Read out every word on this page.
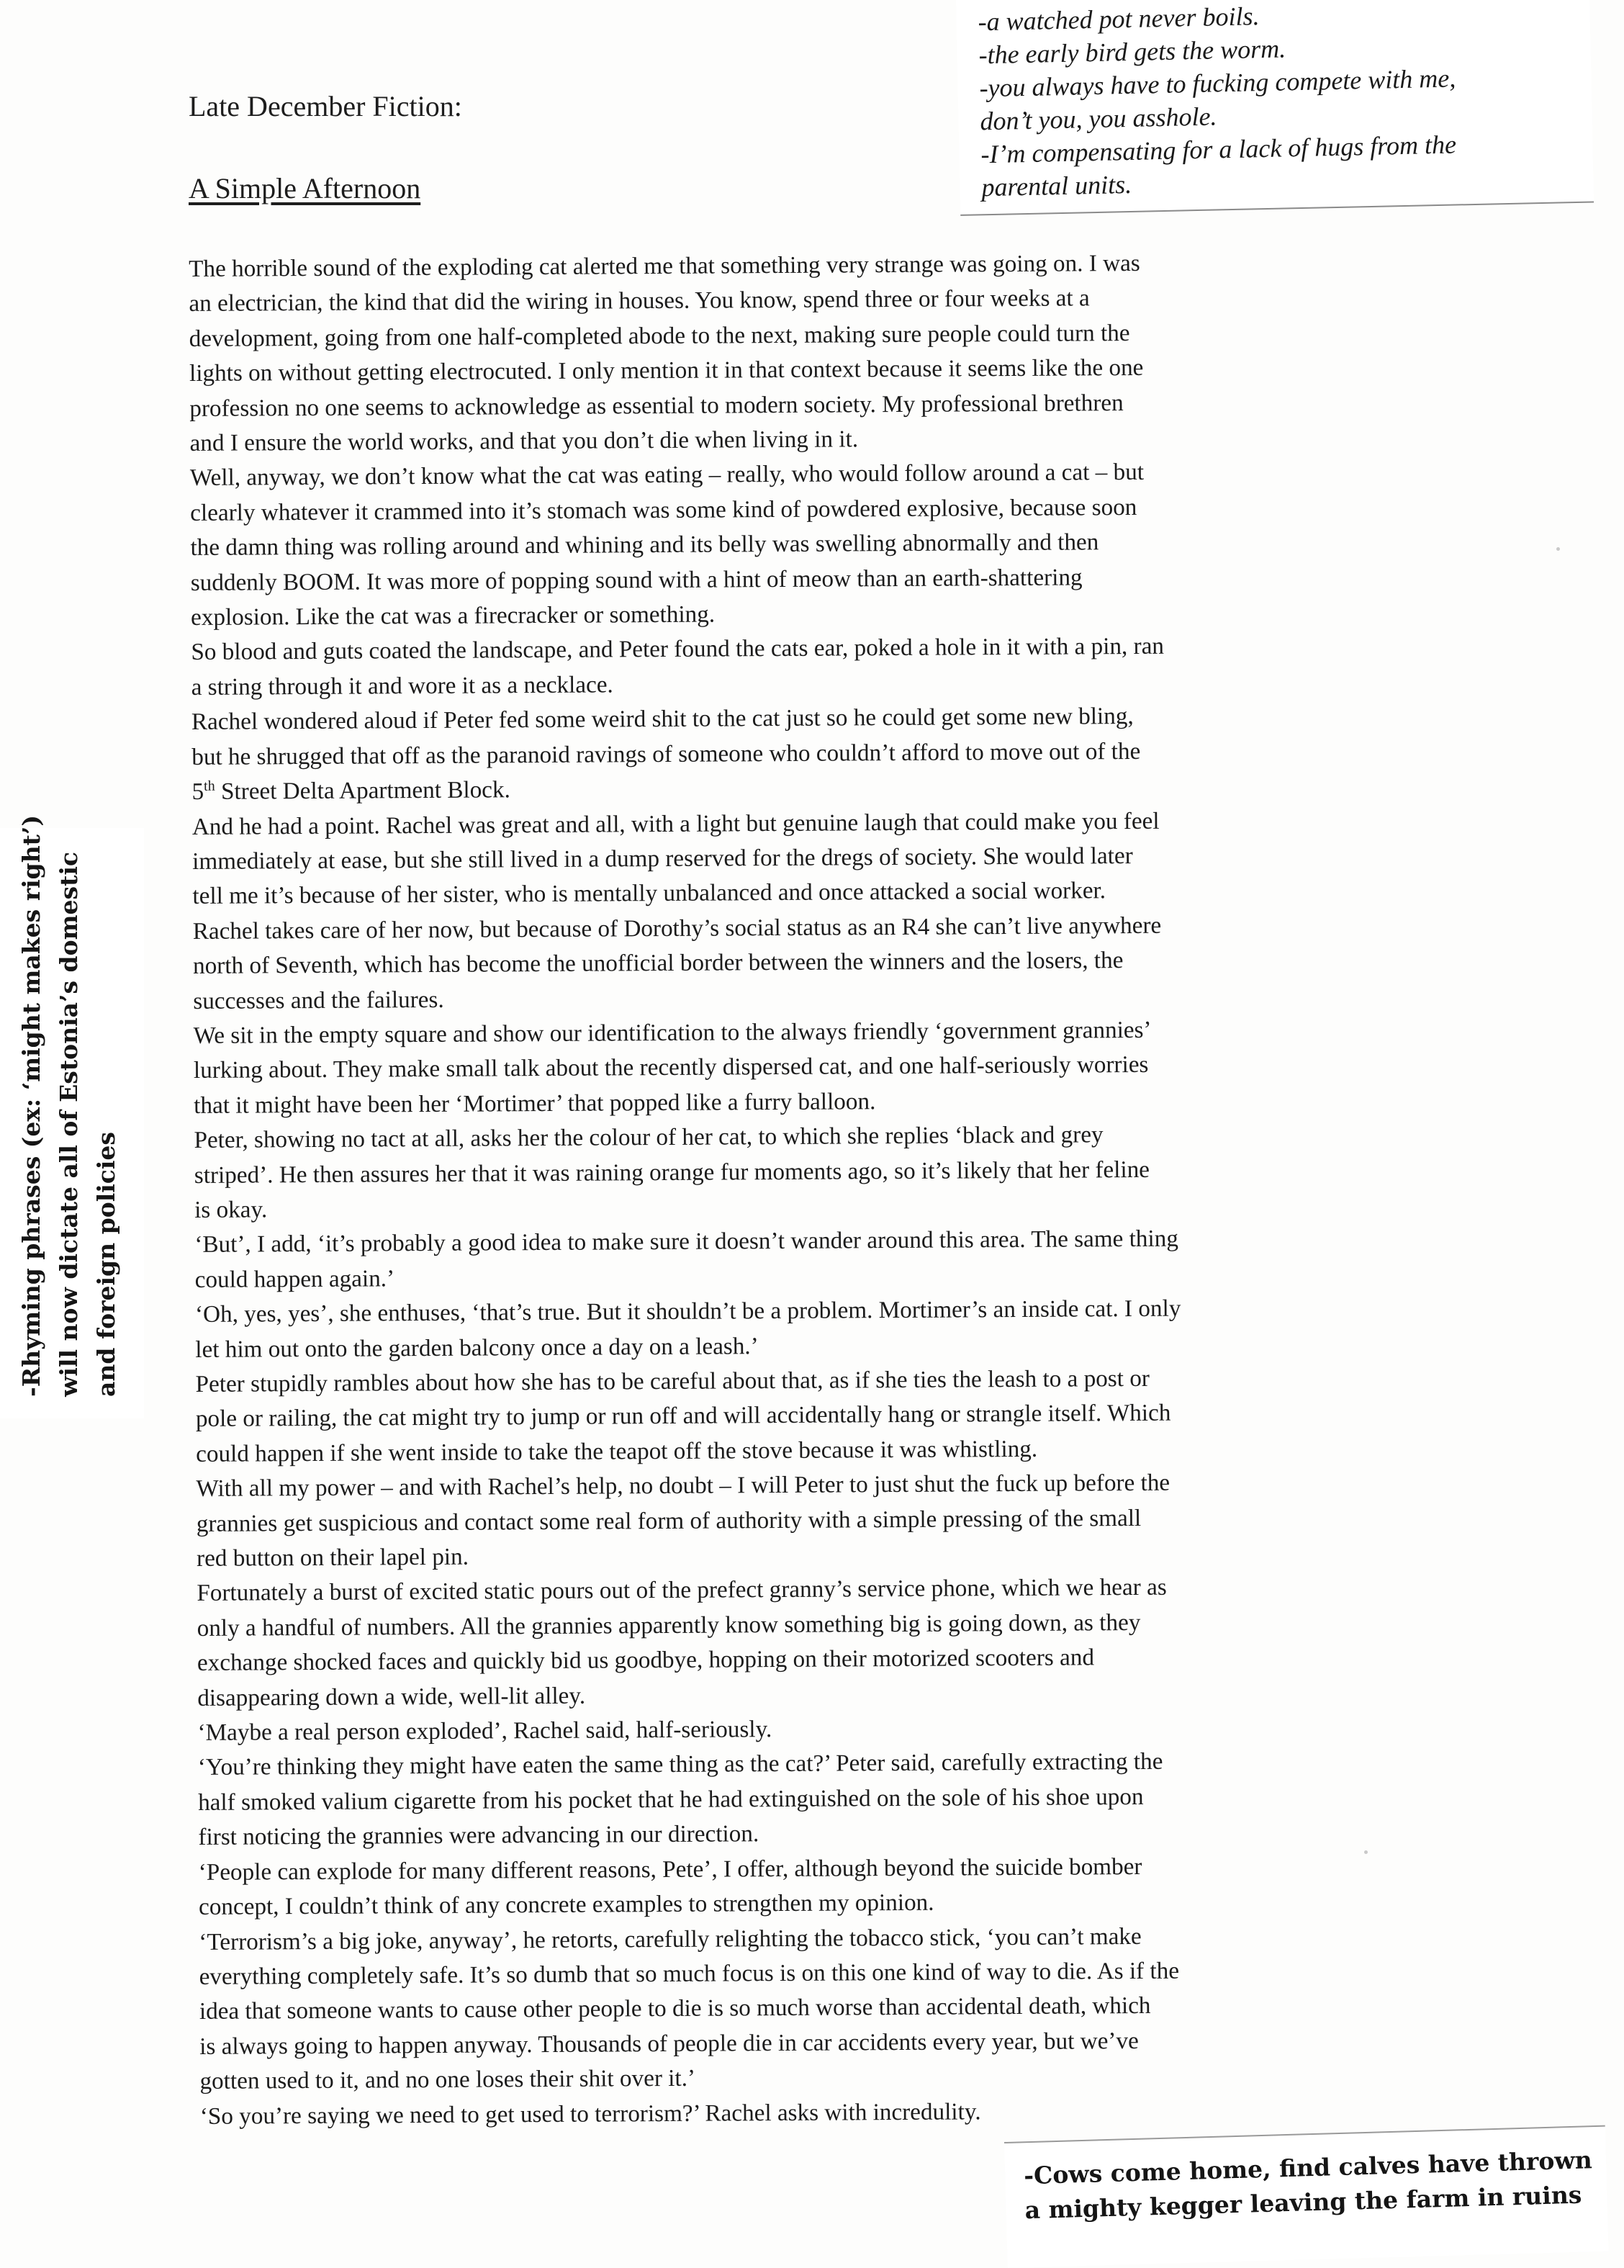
-a watched pot never boils.
-the early bird gets the worm.
-you always have to fucking compete with me,
don’t you, you asshole.
-I’m compensating for a lack of hugs from the
parental units.
Late December Fiction:
A Simple Afternoon
-Rhyming phrases (ex: ‘might makes right’) will now dictate all of Estonia’s domestic and foreign policies

The horrible sound of the exploding cat alerted me that something very strange was going on. I was

an electrician, the kind that did the wiring in houses. You know, spend three or four weeks at a

development, going from one half-completed abode to the next, making sure people could turn the

lights on without getting electrocuted. I only mention it in that context because it seems like the one

profession no one seems to acknowledge as essential to modern society. My professional brethren

and I ensure the world works, and that you don’t die when living in it.

Well, anyway, we don’t know what the cat was eating – really, who would follow around a cat – but

clearly whatever it crammed into it’s stomach was some kind of powdered explosive, because soon

the damn thing was rolling around and whining and its belly was swelling abnormally and then

suddenly BOOM. It was more of popping sound with a hint of meow than an earth-shattering

explosion. Like the cat was a firecracker or something.

So blood and guts coated the landscape, and Peter found the cats ear, poked a hole in it with a pin, ran

a string through it and wore it as a necklace.

Rachel wondered aloud if Peter fed some weird shit to the cat just so he could get some new bling,

but he shrugged that off as the paranoid ravings of someone who couldn’t afford to move out of the

5th Street Delta Apartment Block.

And he had a point. Rachel was great and all, with a light but genuine laugh that could make you feel

immediately at ease, but she still lived in a dump reserved for the dregs of society. She would later

tell me it’s because of her sister, who is mentally unbalanced and once attacked a social worker.

Rachel takes care of her now, but because of Dorothy’s social status as an R4 she can’t live anywhere

north of Seventh, which has become the unofficial border between the winners and the losers, the

successes and the failures.

We sit in the empty square and show our identification to the always friendly ‘government grannies’

lurking about. They make small talk about the recently dispersed cat, and one half-seriously worries

that it might have been her ‘Mortimer’ that popped like a furry balloon.

Peter, showing no tact at all, asks her the colour of her cat, to which she replies ‘black and grey

striped’. He then assures her that it was raining orange fur moments ago, so it’s likely that her feline

is okay.

‘But’, I add, ‘it’s probably a good idea to make sure it doesn’t wander around this area. The same thing

could happen again.’

‘Oh, yes, yes’, she enthuses, ‘that’s true. But it shouldn’t be a problem. Mortimer’s an inside cat. I only

let him out onto the garden balcony once a day on a leash.’

Peter stupidly rambles about how she has to be careful about that, as if she ties the leash to a post or

pole or railing, the cat might try to jump or run off and will accidentally hang or strangle itself. Which

could happen if she went inside to take the teapot off the stove because it was whistling.

With all my power – and with Rachel’s help, no doubt – I will Peter to just shut the fuck up before the

grannies get suspicious and contact some real form of authority with a simple pressing of the small

red button on their lapel pin.

Fortunately a burst of excited static pours out of the prefect granny’s service phone, which we hear as

only a handful of numbers. All the grannies apparently know something big is going down, as they

exchange shocked faces and quickly bid us goodbye, hopping on their motorized scooters and

disappearing down a wide, well-lit alley.

‘Maybe a real person exploded’, Rachel said, half-seriously.

‘You’re thinking they might have eaten the same thing as the cat?’ Peter said, carefully extracting the

half smoked valium cigarette from his pocket that he had extinguished on the sole of his shoe upon

first noticing the grannies were advancing in our direction.

‘People can explode for many different reasons, Pete’, I offer, although beyond the suicide bomber

concept, I couldn’t think of any concrete examples to strengthen my opinion.

‘Terrorism’s a big joke, anyway’, he retorts, carefully relighting the tobacco stick, ‘you can’t make

everything completely safe. It’s so dumb that so much focus is on this one kind of way to die. As if the

idea that someone wants to cause other people to die is so much worse than accidental death, which

is always going to happen anyway. Thousands of people die in car accidents every year, but we’ve

gotten used to it, and no one loses their shit over it.’

‘So you’re saying we need to get used to terrorism?’ Rachel asks with incredulity.

-Cows come home, find calves have thrown
a mighty kegger leaving the farm in ruins
